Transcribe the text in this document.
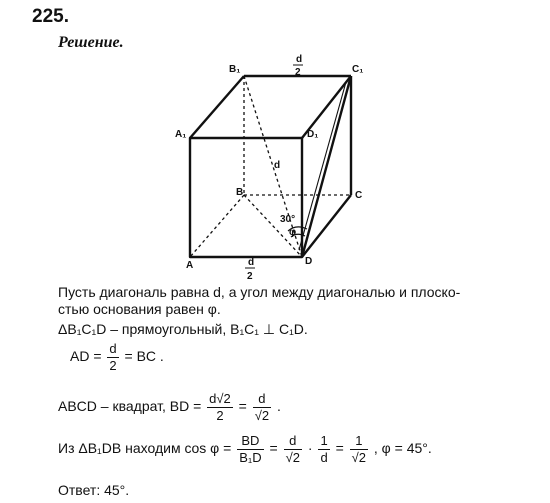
225.
Решение.
B₁	C₁
A₁	D₁
B	C
A	D
d
2
d
2
d
30°
φ
Пусть диагональ равна d, а угол между диагональю и плоско-
стью основания равен φ.
ΔB₁C₁D – прямоугольный, B₁C₁ ⊥ C₁D.
AD = $\frac{d}{2}$ = BC .
ABCD – квадрат, BD = $\frac{d√2}{2} = \frac{d}{√2}$ .
Из ΔB₁DB находим $\cos \varphi = \frac{BD}{\text{B₁D}} = \frac{d}{√2} \cdot \frac{1}{d} = \frac{1}{√2}$ , φ = 45°.
Ответ: 45°.
